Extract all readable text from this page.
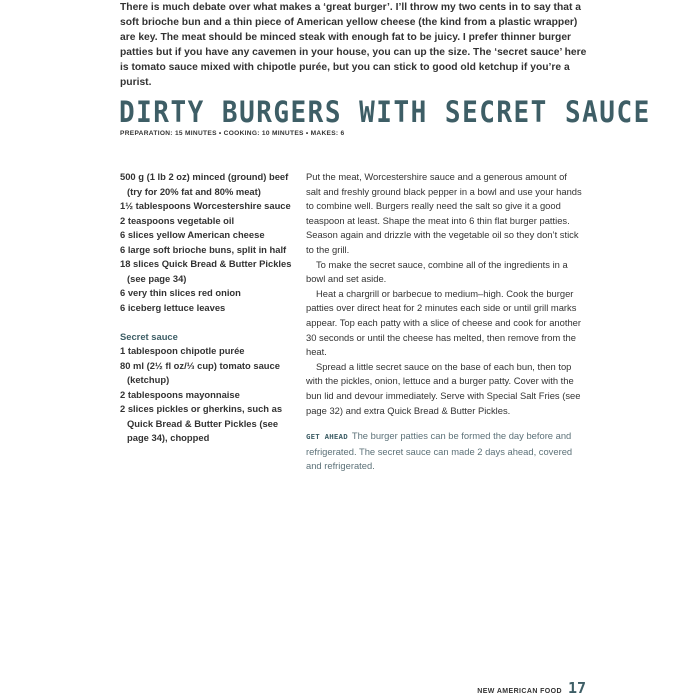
There is much debate over what makes a ‘great burger’. I’ll throw my two cents in to say that a soft brioche bun and a thin piece of American yellow cheese (the kind from a plastic wrapper) are key. The meat should be minced steak with enough fat to be juicy. I prefer thinner burger patties but if you have any cavemen in your house, you can up the size. The ‘secret sauce’ here is tomato sauce mixed with chipotle purée, but you can stick to good old ketchup if you’re a purist.

DIRTY BURGERS WITH SECRET SAUCE
PREPARATION: 15 MINUTES • COOKING: 10 MINUTES • MAKES: 6
500 g (1 lb 2 oz) minced (ground) beef (try for 20% fat and 80% meat)
1½ tablespoons Worcestershire sauce
2 teaspoons vegetable oil
6 slices yellow American cheese
6 large soft brioche buns, split in half
18 slices Quick Bread & Butter Pickles (see page 34)
6 very thin slices red onion
6 iceberg lettuce leaves
Secret sauce
1 tablespoon chipotle purée
80 ml (2½ fl oz/⅓ cup) tomato sauce (ketchup)
2 tablespoons mayonnaise
2 slices pickles or gherkins, such as Quick Bread & Butter Pickles (see page 34), chopped

Put the meat, Worcestershire sauce and a generous amount of salt and freshly ground black pepper in a bowl and use your hands to combine well. Burgers really need the salt so give it a good teaspoon at least. Shape the meat into 6 thin flat burger patties. Season again and drizzle with the vegetable oil so they don’t stick to the grill.

To make the secret sauce, combine all of the ingredients in a bowl and set aside.

Heat a chargrill or barbecue to medium–high. Cook the burger patties over direct heat for 2 minutes each side or until grill marks appear. Top each patty with a slice of cheese and cook for another 30 seconds or until the cheese has melted, then remove from the heat.

Spread a little secret sauce on the base of each bun, then top with the pickles, onion, lettuce and a burger patty. Cover with the bun lid and devour immediately. Serve with Special Salt Fries (see page 32) and extra Quick Bread & Butter Pickles.

GET AHEAD The burger patties can be formed the day before and refrigerated. The secret sauce can made 2 days ahead, covered and refrigerated.

NEW AMERICAN FOOD 17
